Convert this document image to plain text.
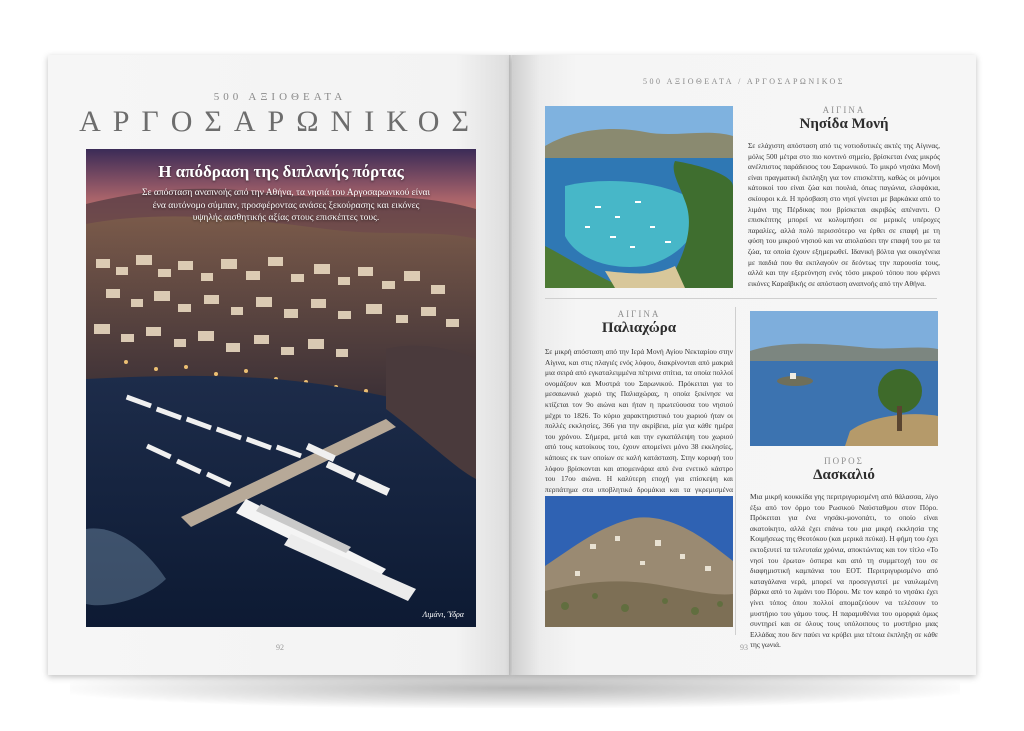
500 ΑΞΙΟΘΕΑΤΑ
ΑΡΓΟΣΑΡΩΝΙΚΟΣ
Η απόδραση της διπλανής πόρτας
Σε απόσταση αναπνοής από την Αθήνα, τα νησιά του Αργοσαρωνικού είναι ένα αυτόνομο σύμπαν, προσφέροντας ανάσες ξεκούρασης και εικόνες υψηλής αισθητικής αξίας στους επισκέπτες τους.
Λιμάνι, Ύδρα
92
500 ΑΞΙΟΘΕΑΤΑ / ΑΡΓΟΣΑΡΩΝΙΚΟΣ
ΑΙΓΙΝΑ
Νησίδα Μονή
Σε ελάχιστη απόσταση από τις νοτιοδυτικές ακτές της Αίγινας, μόλις 500 μέτρα στο πιο κοντινό σημείο, βρίσκεται ένας μικρός ανέλπιστος παράδεισος του Σαρωνικού. Το μικρό νησάκι Μονή είναι πραγματική έκπληξη για τον επισκέπτη, καθώς οι μόνιμοι κάτοικοί του είναι ζώα και πουλιά, όπως παγώνια, ελαφάκια, σκίουροι κ.ά. Η πρόσβαση στο νησί γίνεται με βαρκάκια από το λιμάνι της Πέρδικας που βρίσκεται ακριβώς απέναντι. Ο επισκέπτης μπορεί να κολυμπήσει σε μερικές υπέροχες παραλίες, αλλά πολύ περισσότερο να έρθει σε επαφή με τη φύση του μικρού νησιού και να απολαύσει την επαφή του με τα ζώα, τα οποία έχουν εξημερωθεί. Ιδανική βόλτα για οικογένεια με παιδιά που θα εκπλαγούν σε δεόντως την παρουσία τους, αλλά και την εξερεύνηση ενός τόσο μικρού τόπου που φέρνει εικόνες Καραϊβικής σε απόσταση αναπνοής από την Αθήνα.
ΑΙΓΙΝΑ
Παλιαχώρα
Σε μικρή απόσταση από την Ιερά Μονή Αγίου Νεκταρίου στην Αίγινα, και στις πλαγιές ενός λόφου, διακρίνονται από μακριά μια σειρά από εγκαταλειμμένα πέτρινα σπίτια, τα οποία πολλοί ονομάζουν και Μυστρά του Σαρωνικού. Πρόκειται για το μεσαιωνικό χωριό της Παλιαχώρας, η οποία ξεκίνησε να κτίζεται τον 9ο αιώνα και ήταν η πρωτεύουσα του νησιού μέχρι το 1826. Το κύριο χαρακτηριστικό του χωριού ήταν οι πολλές εκκλησίες, 366 για την ακρίβεια, μία για κάθε ημέρα του χρόνου. Σήμερα, μετά και την εγκατάλειψη του χωριού από τους κατοίκους του, έχουν απομείνει μόνο 38 εκκλησίες, κάποιες εκ των οποίων σε καλή κατάσταση. Στην κορυφή του λόφου βρίσκονται και απομεινάρια από ένα ενετικό κάστρο του 17ου αιώνα. Η καλύτερη εποχή για επίσκεψη και περπάτημα στα υποβλητικά δρομάκια και τα γκρεμισμένα
ΠΟΡΟΣ
Δασκαλιό
Μια μικρή κουκκίδα γης περιτριγυρισμένη από θάλασσα, λίγο έξω από τον όρμο του Ρωσικού Ναύσταθμου στον Πόρο. Πρόκειται για ένα νησάκι-μονοπάτι, το οποίο είναι ακατοίκητο, αλλά έχει επάνω του μια μικρή εκκλησία της Κοιμήσεως της Θεοτόκου (και μερικά πεύκα). Η φήμη του έχει εκτοξευτεί τα τελευταία χρόνια, αποκτώντας και τον τίτλο «Το νησί του έρωτα» όσπερα και από τη συμμετοχή του σε διαφημιστική καμπάνια του ΕΟΤ. Περιτριγυρισμένο από καταγάλανα νερά, μπορεί να προσεγγιστεί με ναυλωμένη βάρκα από το λιμάνι του Πόρου. Με τον καιρό το νησάκι έχει γίνει τόπος όπου πολλοί απομαζεύουν να τελέσουν το μυστήριο του γάμου τους. Η παραμυθένια του ομορφιά όμως συντηρεί και σε όλους τους υπόλοιπους το μυστήριο μιας Ελλάδας που δεν παύει να κρύβει μια τέτοια έκπληξη σε κάθε της γωνιά.
93
